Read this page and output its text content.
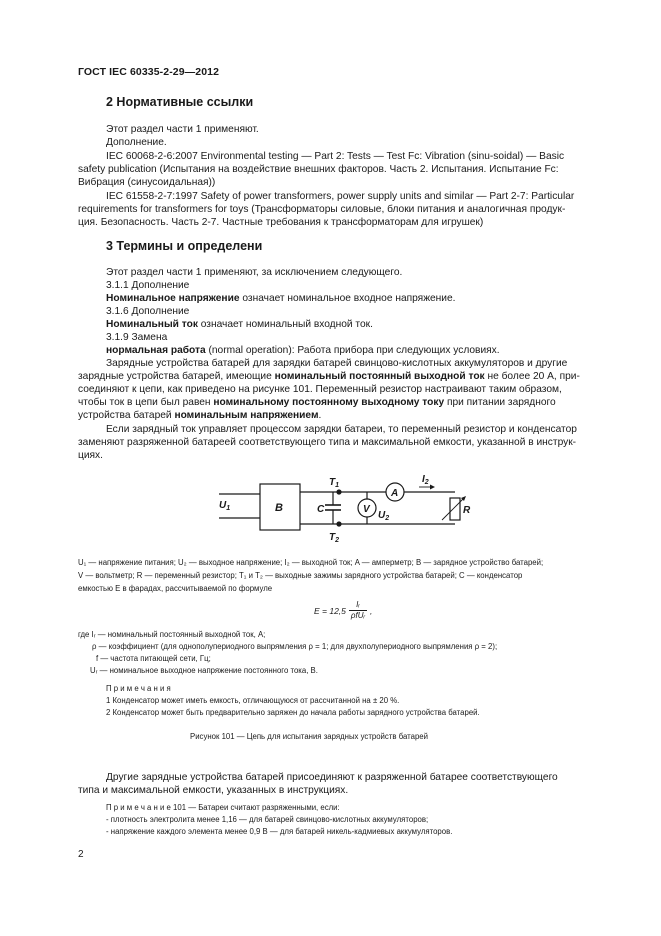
ГОСТ IEC 60335-2-29—2012
2 Нормативные ссылки
Этот раздел части 1 применяют.
Дополнение.
IEC 60068-2-6:2007 Environmental testing — Part 2: Tests — Test Fc: Vibration (sinu-soidal) — Basic
safety publication (Испытания на воздействие внешних факторов. Часть 2. Испытания. Испытание Fc:
Вибрация (синусоидальная))
IEC 61558-2-7:1997 Safety of power transformers, power supply units and similar — Part 2-7: Particular
requirements for transformers for toys (Трансформаторы силовые, блоки питания и аналогичная продук-
ция. Безопасность. Часть 2-7. Частные требования к трансформаторам для игрушек)
3 Термины и определени
Этот раздел части 1 применяют, за исключением следующего.
3.1.1 Дополнение
Номинальное напряжение означает номинальное входное напряжение.
3.1.6 Дополнение
Номинальный ток означает номинальный входной ток.
3.1.9 Замена
нормальная работа (normal operation): Работа прибора при следующих условиях.
Зарядные устройства батарей для зарядки батарей свинцово-кислотных аккумуляторов и другие
зарядные устройства батарей, имеющие номинальный постоянный выходной ток не более 20 А, при-
соединяют к цепи, как приведено на рисунке 101. Переменный резистор настраивают таким образом,
чтобы ток в цепи был равен номинальному постоянному выходному току при питании зарядного
устройства батарей номинальным напряжением.
Если зарядный ток управляет процессом зарядки батареи, то переменный резистор и конденсатор
заменяют разряженной батареей соответствующего типа и максимальной емкости, указанной в инструк-
циях.
$U_1$	B	C
$T_1$
$T_2$
V
$U_2$
A
$I_2$
R
U₁ — напряжение питания; U₂ — выходное напряжение; I₂ — выходной ток; A — амперметр; B — зарядное устройство батарей;
V — вольтметр; R — переменный резистор; T₁ и T₂ — выходные зажимы зарядного устройства батарей; C — конденсатор
емкостью E в фарадах, рассчитываемой по формуле
E = 12,5
Iᵣ
ρfUᵣ ,
где Iᵣ — номинальный постоянный выходной ток, А;
ρ — коэффициент (для однополупериодного выпрямления ρ = 1; для двухполупериодного выпрямления ρ = 2);
f — частота питающей сети, Гц;
Uᵣ — номинальное выходное напряжение постоянного тока, В.
П р и м е ч а н и я
1 Конденсатор может иметь емкость, отличающуюся от рассчитанной на ± 20 %.
2 Конденсатор может быть предварительно заряжен до начала работы зарядного устройства батарей.
Рисунок 101 — Цепь для испытания зарядных устройств батарей
Другие зарядные устройства батарей присоединяют к разряженной батарее соответствующего
типа и максимальной емкости, указанных в инструкциях.
П р и м е ч а н и е 101 — Батареи считают разряженными, если:
- плотность электролита менее 1,16 — для батарей свинцово-кислотных аккумуляторов;
- напряжение каждого элемента менее 0,9 В — для батарей никель-кадмиевых аккумуляторов.
2
